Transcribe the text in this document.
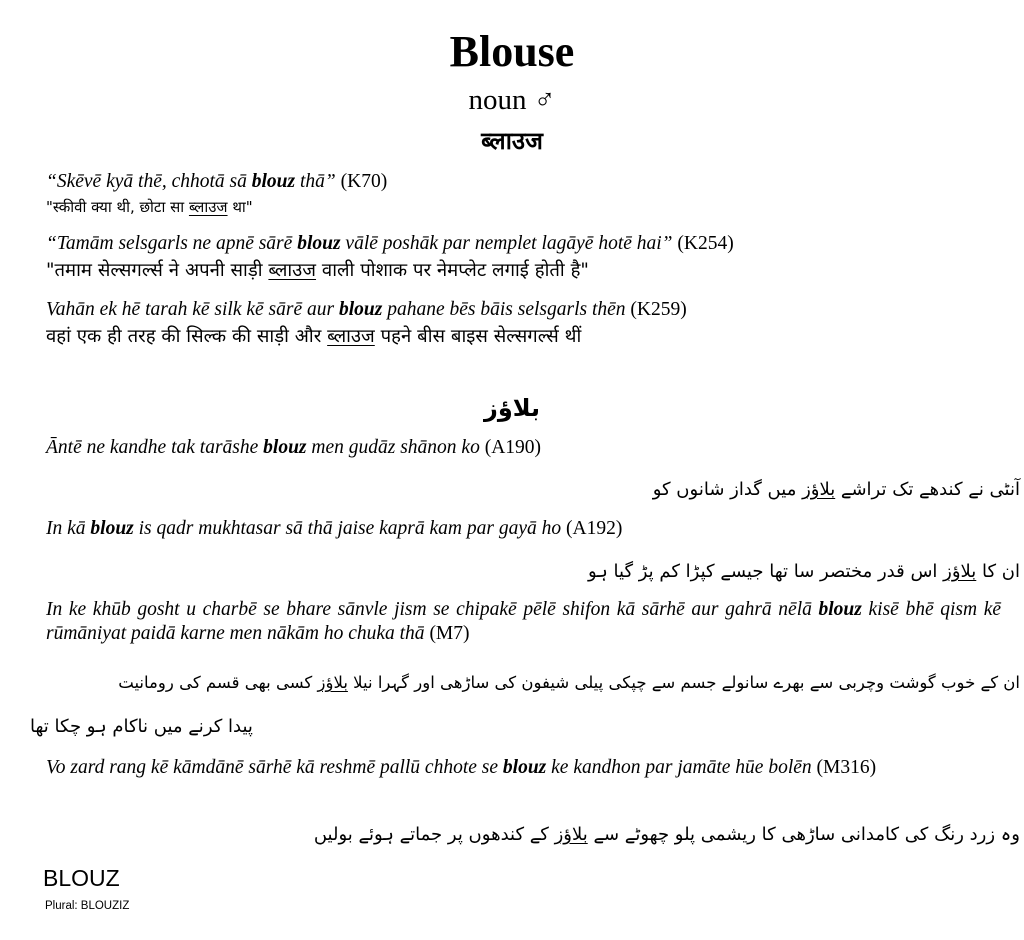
Blouse
noun ♂
ब्लाउज
“Skēvē kyā thē, chhotā sā blouz thā” (K70)
"स्कीवी क्या थी, छोटा सा ब्लाउज था"
“Tamām selsgarls ne apnē sārē blouz vālē poshāk par nemplet lagāyē hotē hai” (K254)
"तमाम सेल्सगर्ल्स ने अपनी साड़ी ब्लाउज वाली पोशाक पर नेमप्लेट लगाई होती है"
Vahān ek hē tarah kē silk kē sārē aur blouz pahane bēs bāis selsgarls thēn (K259)
वहां एक ही तरह की सिल्क की साड़ी और ब्लाउज पहने बीस बाइस सेल्सगर्ल्स थीं
بلاؤز
Āntē ne kandhe tak tarāshe blouz men gudāz shānon ko (A190)
آنٹی نے کندھے تک تراشے بلاؤز میں گداز شانوں کو
In kā blouz is qadr mukhtasar sā thā jaise kaprā kam par gayā ho (A192)
ان کا بلاؤز اس قدر مختصر سا تھا جیسے کپڑا کم پڑ گیا ہو
In ke khūb gosht u charbē se bhare sānvle jism se chipakē pēlē shifon kā sārhē aur gahrā nēlā blouz kisē bhē qism kē rūmāniyat paidā karne men nākām ho chuka thā (M7)
ان کے خوب گوشت وچربی سے بھرے سانولے جسم سے چپکی پیلی شیفون کی ساڑھی اور گہرا نیلا بلاؤز کسی بھی قسم کی رومانیت
پیدا کرنے میں ناکام ہو چکا تھا
Vo zard rang kē kāmdānē sārhē kā reshmē pallū chhote se blouz ke kandhon par jamāte hūe bolēn (M316)
وہ زرد رنگ کی کامدانی ساڑھی کا ریشمی پلو چھوٹے سے بلاؤز کے کندھوں پر جماتے ہوئے بولیں
BLOUZ
Plural: BLOUZIZ
